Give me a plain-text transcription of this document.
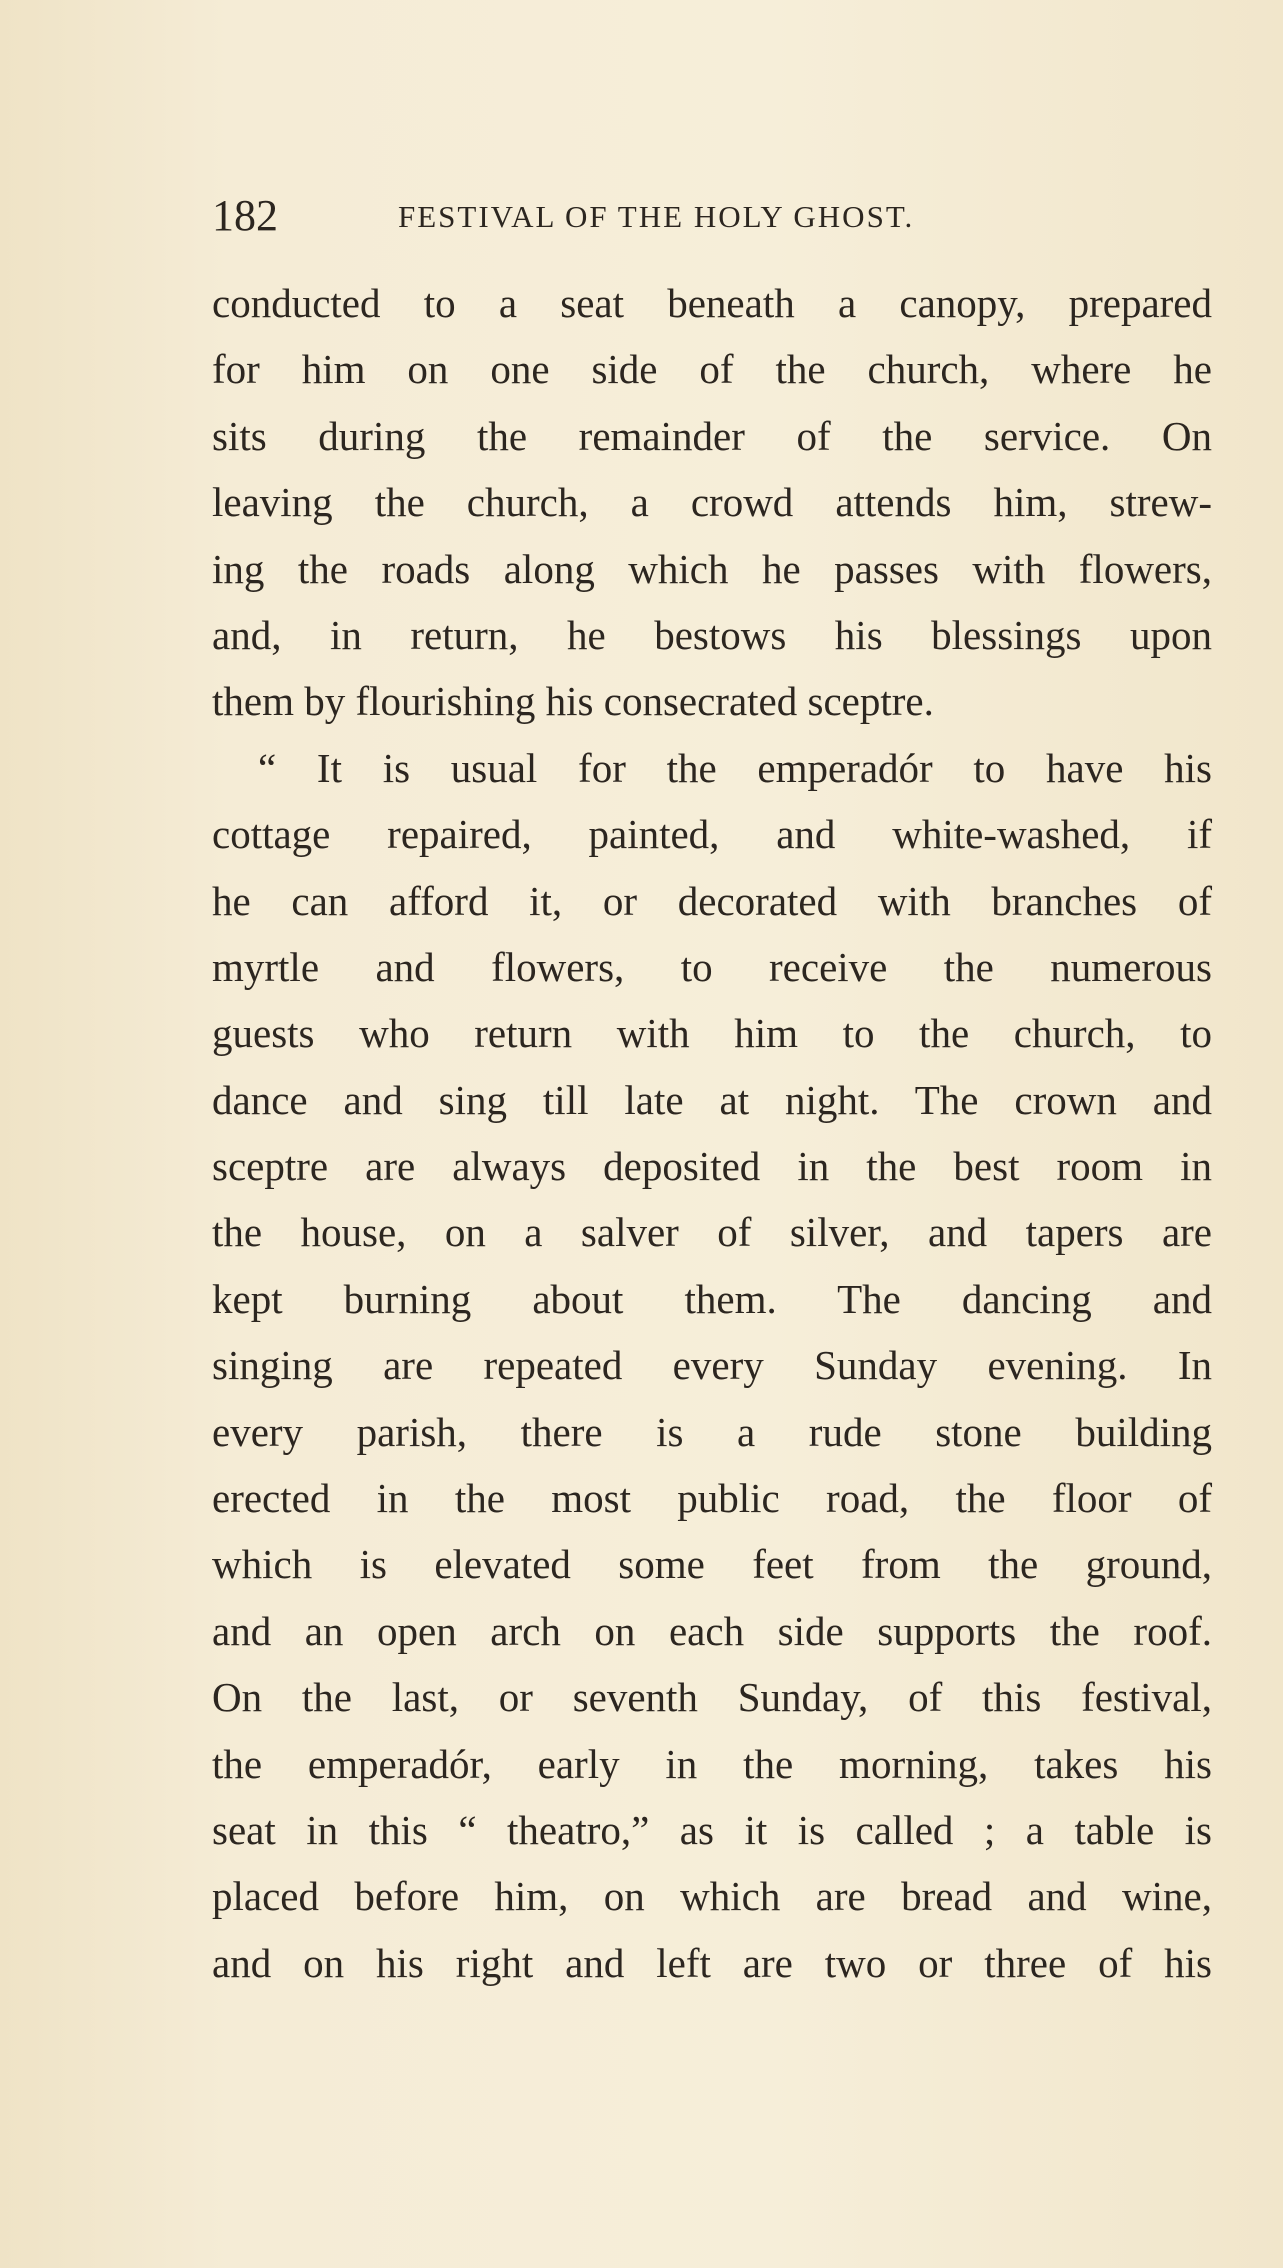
182	FESTIVAL OF THE HOLY GHOST.
conducted to a seat beneath a canopy, prepared
for him on one side of the church, where he
sits during the remainder of the service. On
leaving the church, a crowd attends him, strew-
ing the roads along which he passes with flowers,
and, in return, he bestows his blessings upon
them by flourishing his consecrated sceptre.
“ It is usual for the emperadór to have his
cottage repaired, painted, and white-washed, if
he can afford it, or decorated with branches of
myrtle and flowers, to receive the numerous
guests who return with him to the church, to
dance and sing till late at night. The crown and
sceptre are always deposited in the best room in
the house, on a salver of silver, and tapers are
kept burning about them. The dancing and
singing are repeated every Sunday evening. In
every parish, there is a rude stone building
erected in the most public road, the floor of
which is elevated some feet from the ground,
and an open arch on each side supports the roof.
On the last, or seventh Sunday, of this festival,
the emperadór, early in the morning, takes his
seat in this “ theatro,” as it is called ; a table is
placed before him, on which are bread and wine,
and on his right and left are two or three of his
